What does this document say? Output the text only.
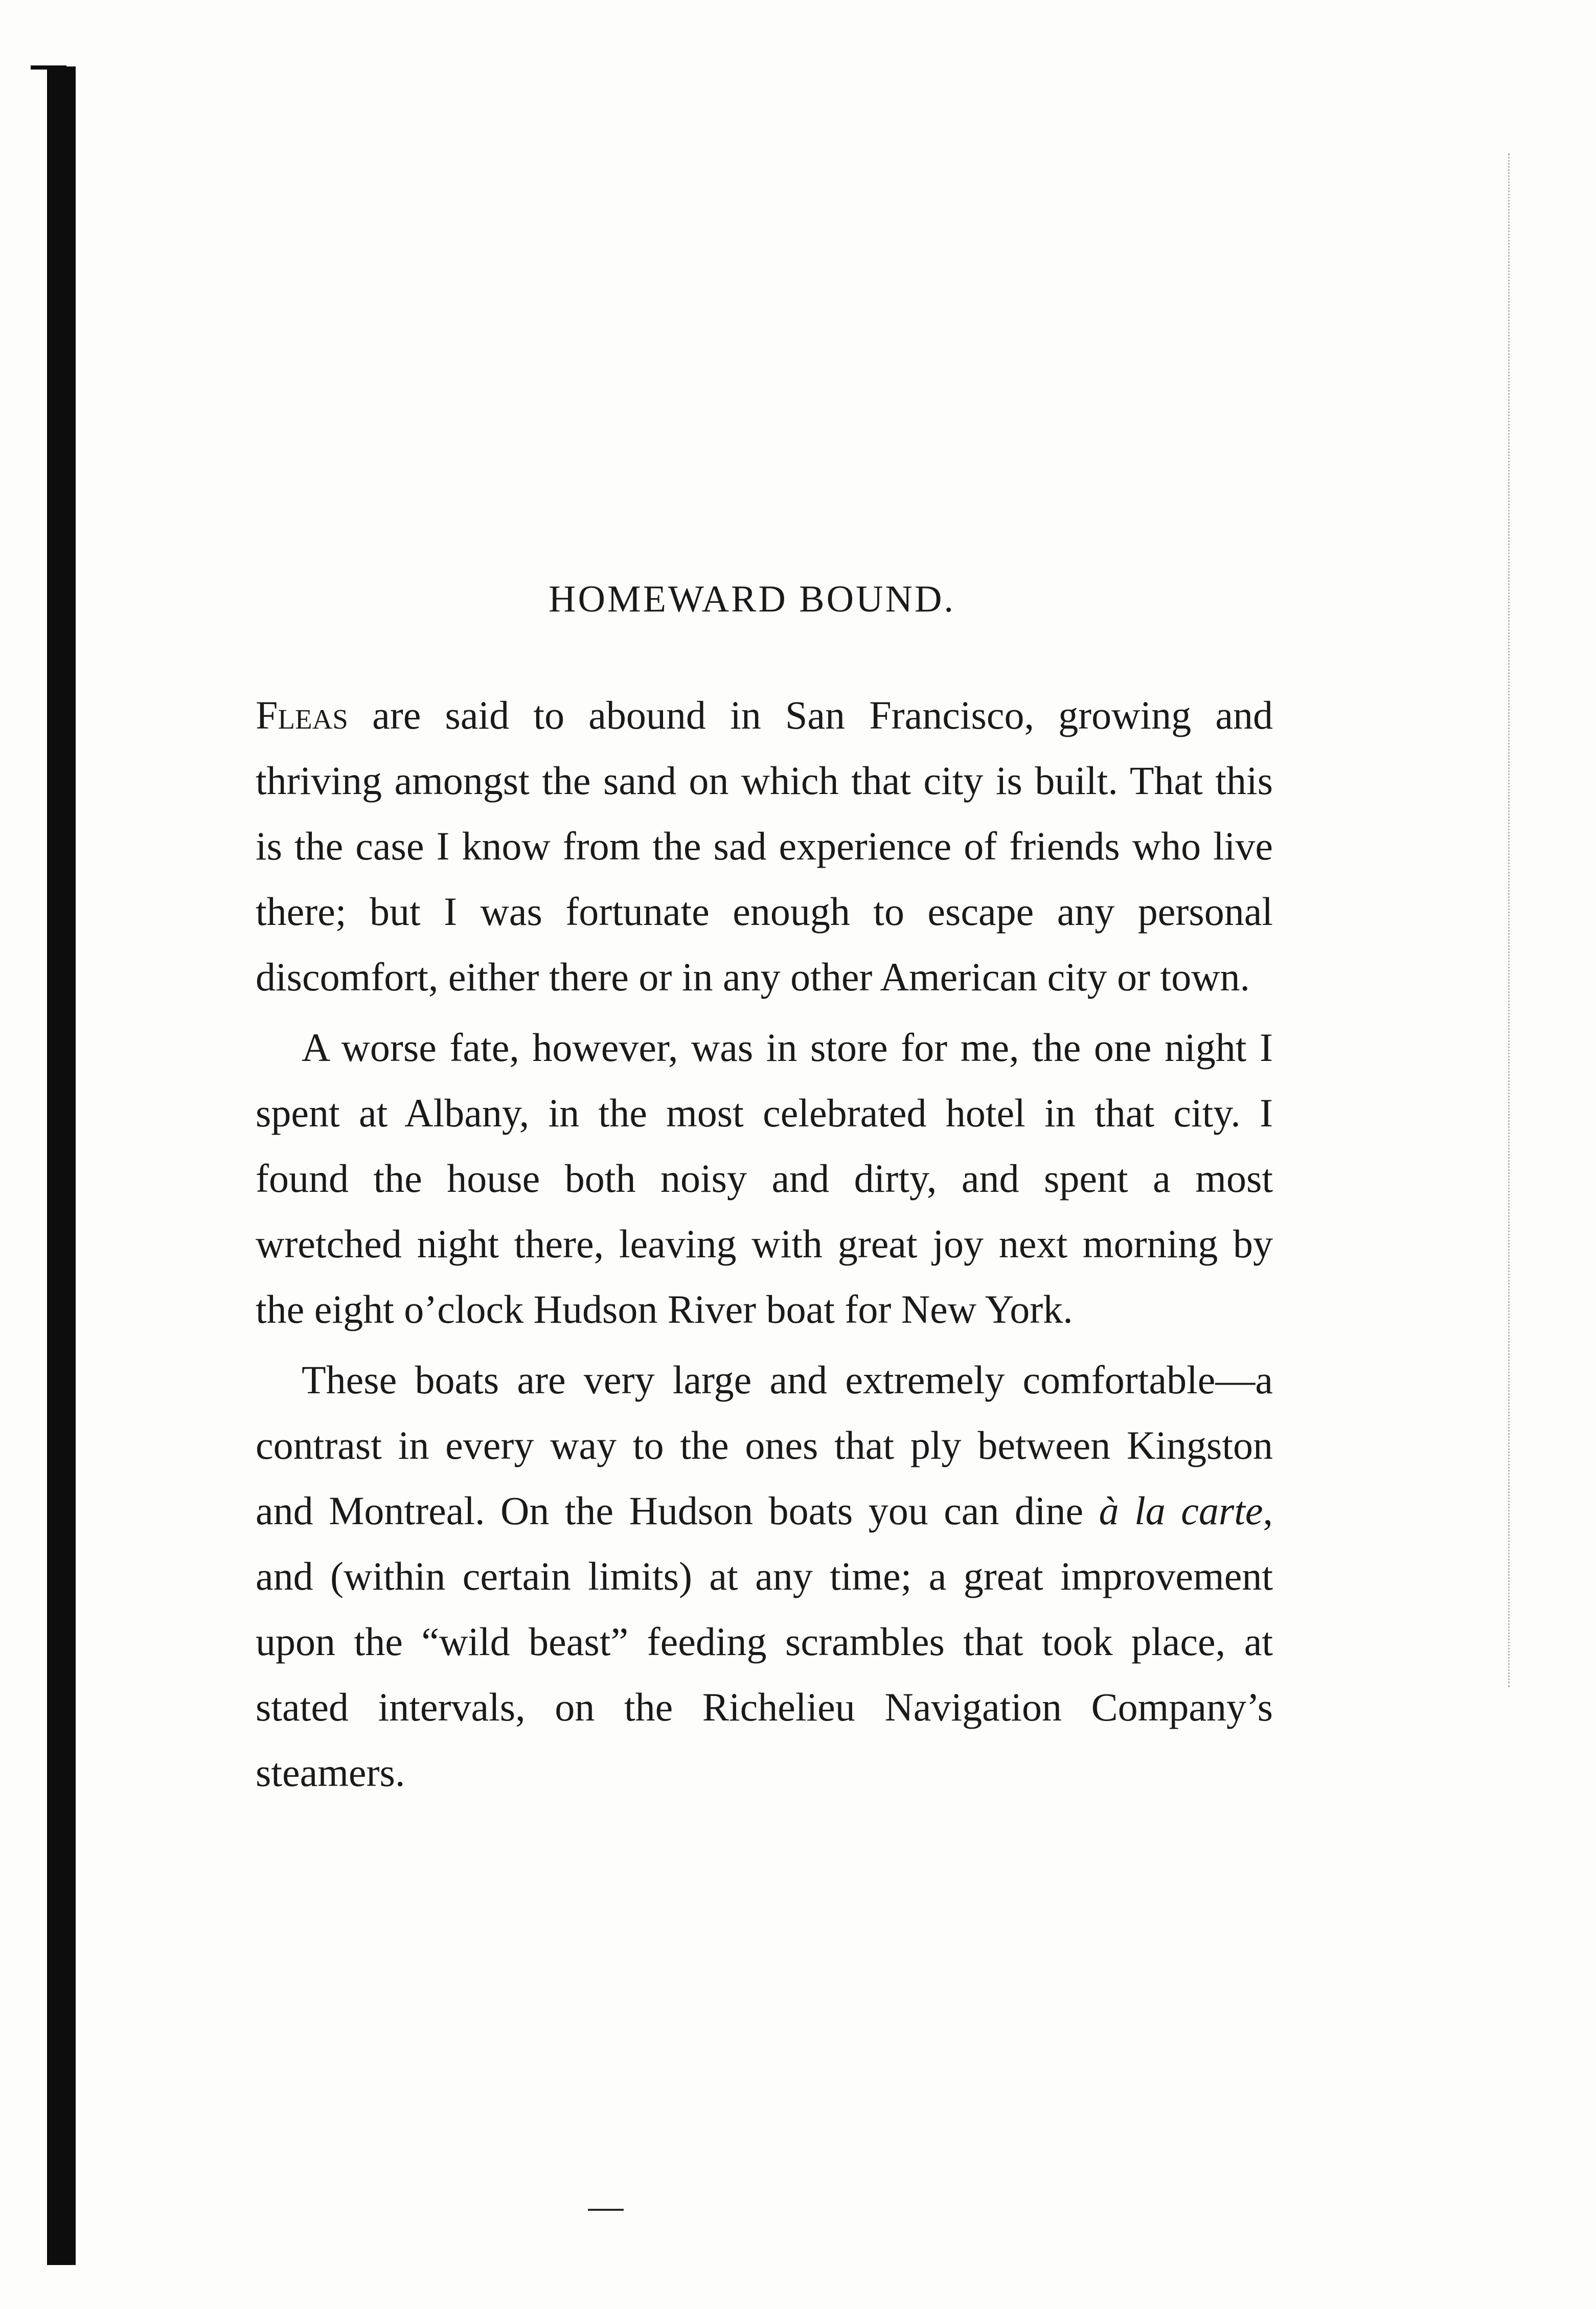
HOMEWARD BOUND.

Fleas are said to abound in San Francisco, growing and thriving amongst the sand on which that city is built. That this is the case I know from the sad experience of friends who live there; but I was fortunate enough to escape any personal discomfort, either there or in any other American city or town.

A worse fate, however, was in store for me, the one night I spent at Albany, in the most celebrated hotel in that city. I found the house both noisy and dirty, and spent a most wretched night there, leaving with great joy next morning by the eight o’clock Hudson River boat for New York.

These boats are very large and extremely comfortable—a contrast in every way to the ones that ply between Kingston and Montreal. On the Hudson boats you can dine à la carte, and (within certain limits) at any time; a great improvement upon the “wild beast” feeding scrambles that took place, at stated intervals, on the Richelieu Navigation Company’s steamers.
